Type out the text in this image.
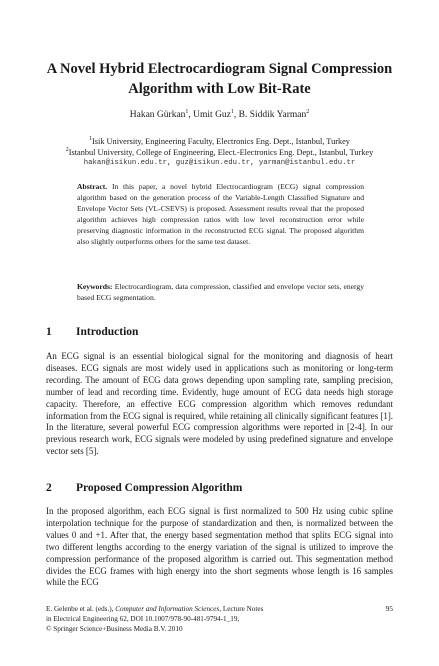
A Novel Hybrid Electrocardiogram Signal Compression
Algorithm with Low Bit-Rate
Hakan Gürkan$^1$, Umit Guz$^1$, B. Siddik Yarman$^2$
$^1$Isik University, Engineering Faculty, Electronics Eng. Dept., Istanbul, Turkey
$^2$Istanbul University, College of Engineering, Elect.-Electronics Eng. Dept., Istanbul, Turkey
hakan@isikun.edu.tr, guz@isikun.edu.tr, yarman@istanbul.edu.tr
Abstract. In this paper, a novel hybrid Electrocardiogram (ECG) signal compression algorithm based on the generation process of the Variable-Length Classified Signature and Envelope Vector Sets (VL-CSEVS) is proposed. Assessment results reveal that the proposed algorithm achieves high compression ratios with low level reconstruction error while preserving diagnostic information in the reconstructed ECG signal. The proposed algorithm also slightly outperforms others for the same test dataset.
Keywords: Electrocardiogram, data compression, classified and envelope vector sets, energy based ECG segmentation.
1 Introduction
An ECG signal is an essential biological signal for the monitoring and diagnosis of heart diseases. ECG signals are most widely used in applications such as monitoring or long-term recording. The amount of ECG data grows depending upon sampling rate, sampling precision, number of lead and recording time. Evidently, huge amount of ECG data needs high storage capacity. Therefore, an effective ECG compression algorithm which removes redundant information from the ECG signal is required, while retaining all clinically significant features [1]. In the literature, several powerful ECG compression algorithms were reported in [2-4]. In our previous research work, ECG signals were modeled by using predefined signature and envelope vector sets [5].
2 Proposed Compression Algorithm
In the proposed algorithm, each ECG signal is first normalized to 500 Hz using cubic spline interpolation technique for the purpose of standardization and then, is normalized between the values 0 and +1. After that, the energy based segmentation method that splits ECG signal into two different lengths according to the energy variation of the signal is utilized to improve the compression performance of the proposed algorithm is carried out. This segmentation method divides the ECG frames with high energy into the short segments whose length is 16 samples while the ECG
E. Gelenbe et al. (eds.), Computer and Information Sciences, Lecture Notes
in Electrical Engineering 62, DOI 10.1007/978-90-481-9794-1_19,
© Springer Science+Business Media B.V. 2010
95
